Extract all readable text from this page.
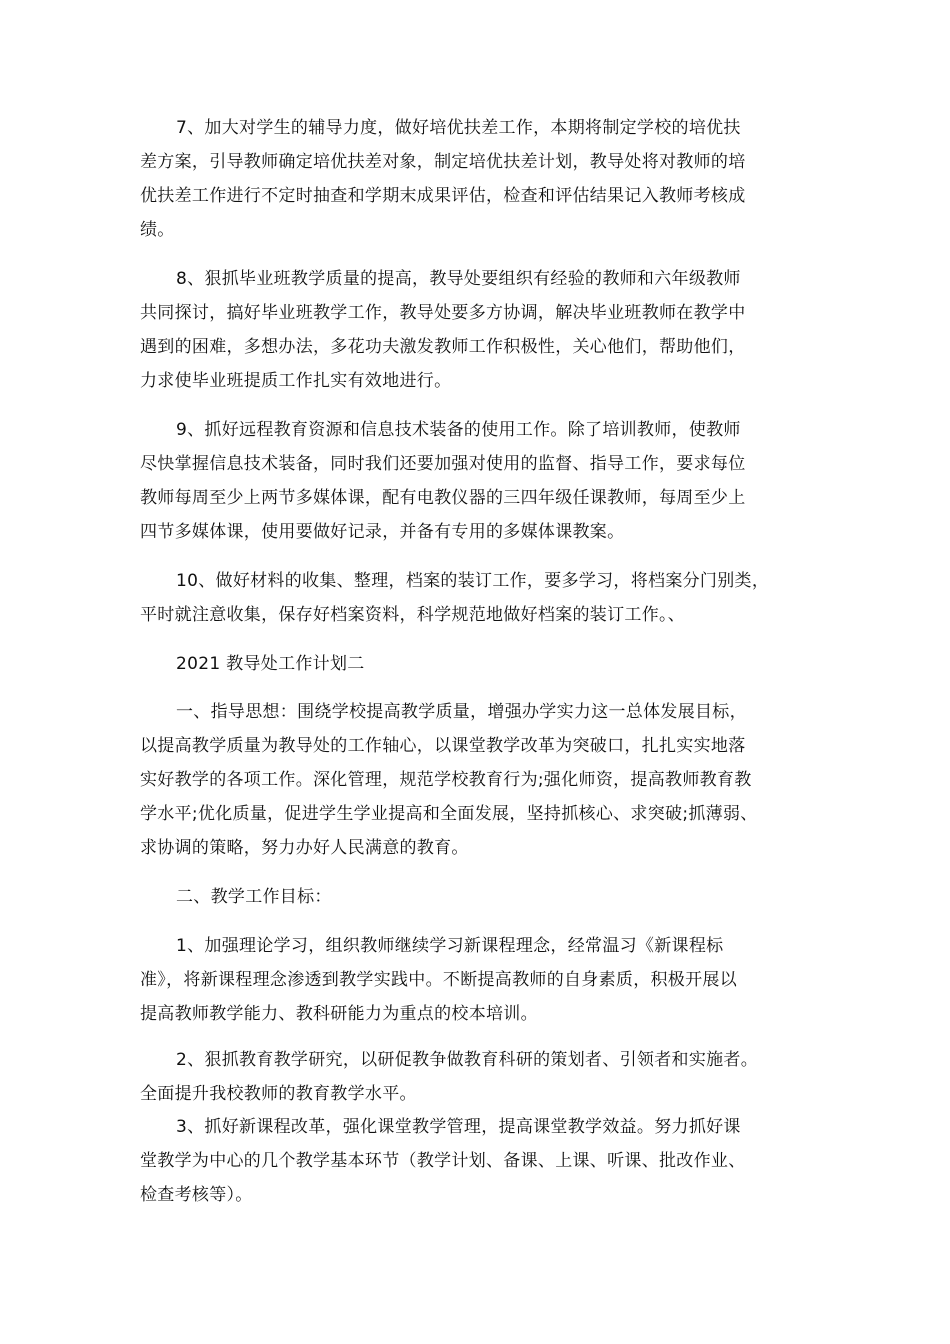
7、加大对学生的辅导力度，做好培优扶差工作，本期将制定学校的培优扶
差方案，引导教师确定培优扶差对象，制定培优扶差计划，教导处将对教师的培
优扶差工作进行不定时抽查和学期末成果评估，检查和评估结果记入教师考核成
绩。
8、狠抓毕业班教学质量的提高，教导处要组织有经验的教师和六年级教师
共同探讨，搞好毕业班教学工作，教导处要多方协调，解决毕业班教师在教学中
遇到的困难，多想办法，多花功夫激发教师工作积极性，关心他们，帮助他们，
力求使毕业班提质工作扎实有效地进行。
9、抓好远程教育资源和信息技术装备的使用工作。除了培训教师，使教师
尽快掌握信息技术装备，同时我们还要加强对使用的监督、指导工作，要求每位
教师每周至少上两节多媒体课，配有电教仪器的三四年级任课教师，每周至少上
四节多媒体课，使用要做好记录，并备有专用的多媒体课教案。
10、做好材料的收集、整理，档案的装订工作，要多学习，将档案分门别类，
平时就注意收集，保存好档案资料，科学规范地做好档案的装订工作。、
2021 教导处工作计划二
一、指导思想：围绕学校提高教学质量，增强办学实力这一总体发展目标，
以提高教学质量为教导处的工作轴心，以课堂教学改革为突破口，扎扎实实地落
实好教学的各项工作。深化管理，规范学校教育行为;强化师资，提高教师教育教
学水平;优化质量，促进学生学业提高和全面发展，坚持抓核心、求突破;抓薄弱、
求协调的策略，努力办好人民满意的教育。
二、教学工作目标：
1、加强理论学习，组织教师继续学习新课程理念，经常温习《新课程标
准》，将新课程理念渗透到教学实践中。不断提高教师的自身素质，积极开展以
提高教师教学能力、教科研能力为重点的校本培训。
2、狠抓教育教学研究，以研促教争做教育科研的策划者、引领者和实施者。
全面提升我校教师的教育教学水平。
3、抓好新课程改革，强化课堂教学管理，提高课堂教学效益。努力抓好课
堂教学为中心的几个教学基本环节（教学计划、备课、上课、听课、批改作业、
检查考核等）。
